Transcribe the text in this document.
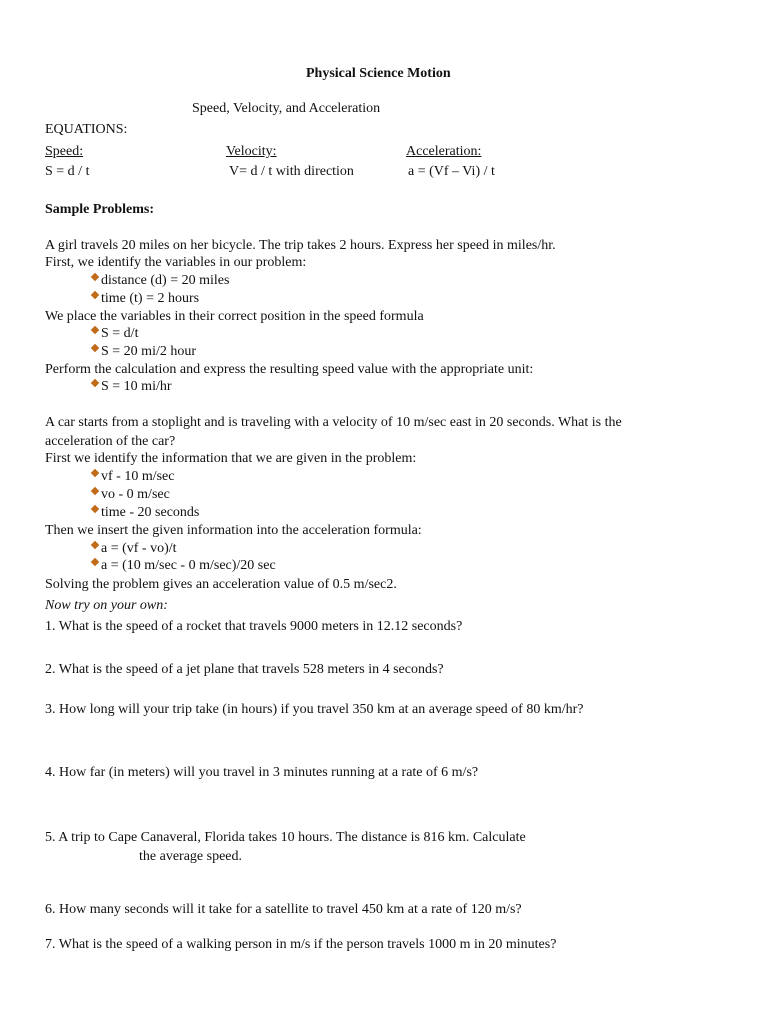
Physical Science Motion
Speed, Velocity, and Acceleration
EQUATIONS:
Speed:	Velocity:	Acceleration:
S = d / t	V= d / t with direction	a = (Vf – Vi) / t
Sample Problems:
A girl travels 20 miles on her bicycle. The trip takes 2 hours. Express her speed in miles/hr.
First, we identify the variables in our problem:
distance (d) = 20 miles
time (t) = 2 hours
We place the variables in their correct position in the speed formula
S = d/t
S = 20 mi/2 hour
Perform the calculation and express the resulting speed value with the appropriate unit:
S = 10 mi/hr
A car starts from a stoplight and is traveling with a velocity of 10 m/sec east in 20 seconds. What is the
acceleration of the car?
First we identify the information that we are given in the problem:
vf - 10 m/sec
vo - 0 m/sec
time - 20 seconds
Then we insert the given information into the acceleration formula:
a = (vf - vo)/t
a = (10 m/sec - 0 m/sec)/20 sec
Solving the problem gives an acceleration value of 0.5 m/sec2.
Now try on your own:
1. What is the speed of a rocket that travels 9000 meters in 12.12 seconds?
2. What is the speed of a jet plane that travels 528 meters in 4 seconds?
3. How long will your trip take (in hours) if you travel 350 km at an average speed of 80 km/hr?
4. How far (in meters) will you travel in 3 minutes running at a rate of 6 m/s?
5. A trip to Cape Canaveral, Florida takes 10 hours. The distance is 816 km. Calculate
the average speed.
6. How many seconds will it take for a satellite to travel 450 km at a rate of 120 m/s?
7. What is the speed of a walking person in m/s if the person travels 1000 m in 20 minutes?
